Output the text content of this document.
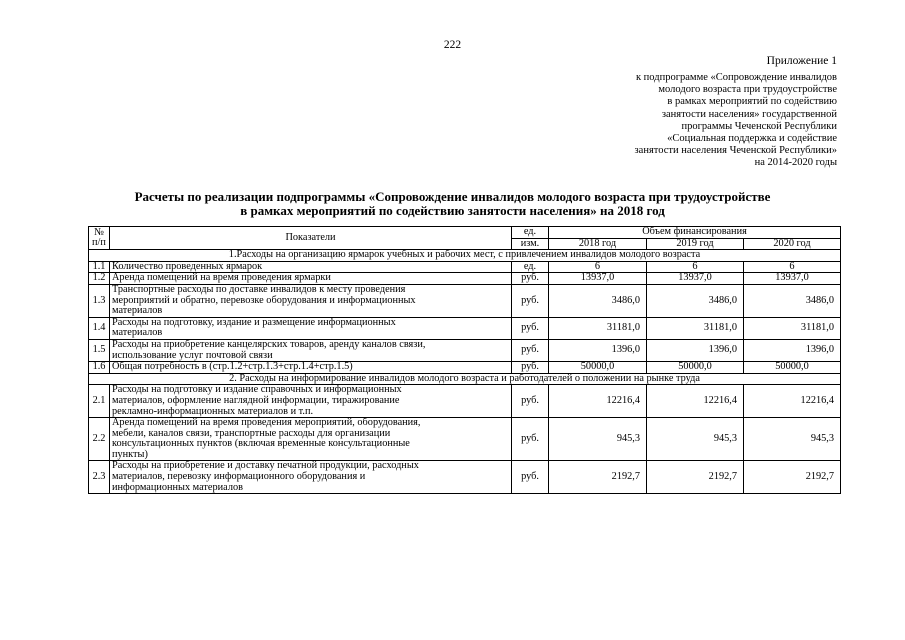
222
Приложение 1
к подпрограмме «Сопровождение инвалидов
молодого возраста при трудоустройстве
в рамках мероприятий по содействию
занятости населения» государственной
программы Чеченской Республики
«Социальная поддержка и содействие
занятости населения Чеченской Республики»
на 2014-2020 годы
Расчеты по реализации подпрограммы «Сопровождение инвалидов молодого возраста при трудоустройстве
в рамках мероприятий по содействию занятости населения» на 2018 год
№
п/п	Показатели	ед.	Объем финансирования		
		изм.	2018 год	2019 год	2020 год
1.Расходы на организацию ярмарок учебных и рабочих мест, с привлечением инвалидов молодого возраста					
1.1	Количество проведенных ярмарок	ед.	6	6	6
1.2	Аренда помещений на время проведения ярмарки	руб.	13937,0	13937,0	13937,0
1.3	Транспортные расходы по доставке инвалидов к месту проведения
мероприятий и обратно, перевозке оборудования и информационных
материалов	руб.	3486,0	3486,0	3486,0
1.4	Расходы на подготовку, издание и размещение информационных
материалов	руб.	31181,0	31181,0	31181,0
1.5	Расходы на приобретение канцелярских товаров, аренду каналов связи,
использование услуг почтовой связи	руб.	1396,0	1396,0	1396,0
1.6	Общая потребность в (стр.1.2+стр.1.3+стр.1.4+стр.1.5)	руб.	50000,0	50000,0	50000,0
2. Расходы на информирование инвалидов молодого возраста и работодателей о положении на рынке труда					
2.1	Расходы на подготовку и издание справочных и информационных
материалов, оформление наглядной информации, тиражирование
рекламно-информационных материалов и т.п.	руб.	12216,4	12216,4	12216,4
2.2	Аренда помещений на время проведения мероприятий, оборудования,
мебели, каналов связи, транспортные расходы для организации
консультационных пунктов (включая временные консультационные
пункты)	руб.	945,3	945,3	945,3
2.3	Расходы на приобретение и доставку печатной продукции, расходных
материалов, перевозку информационного оборудования и
информационных материалов	руб.	2192,7	2192,7	2192,7
